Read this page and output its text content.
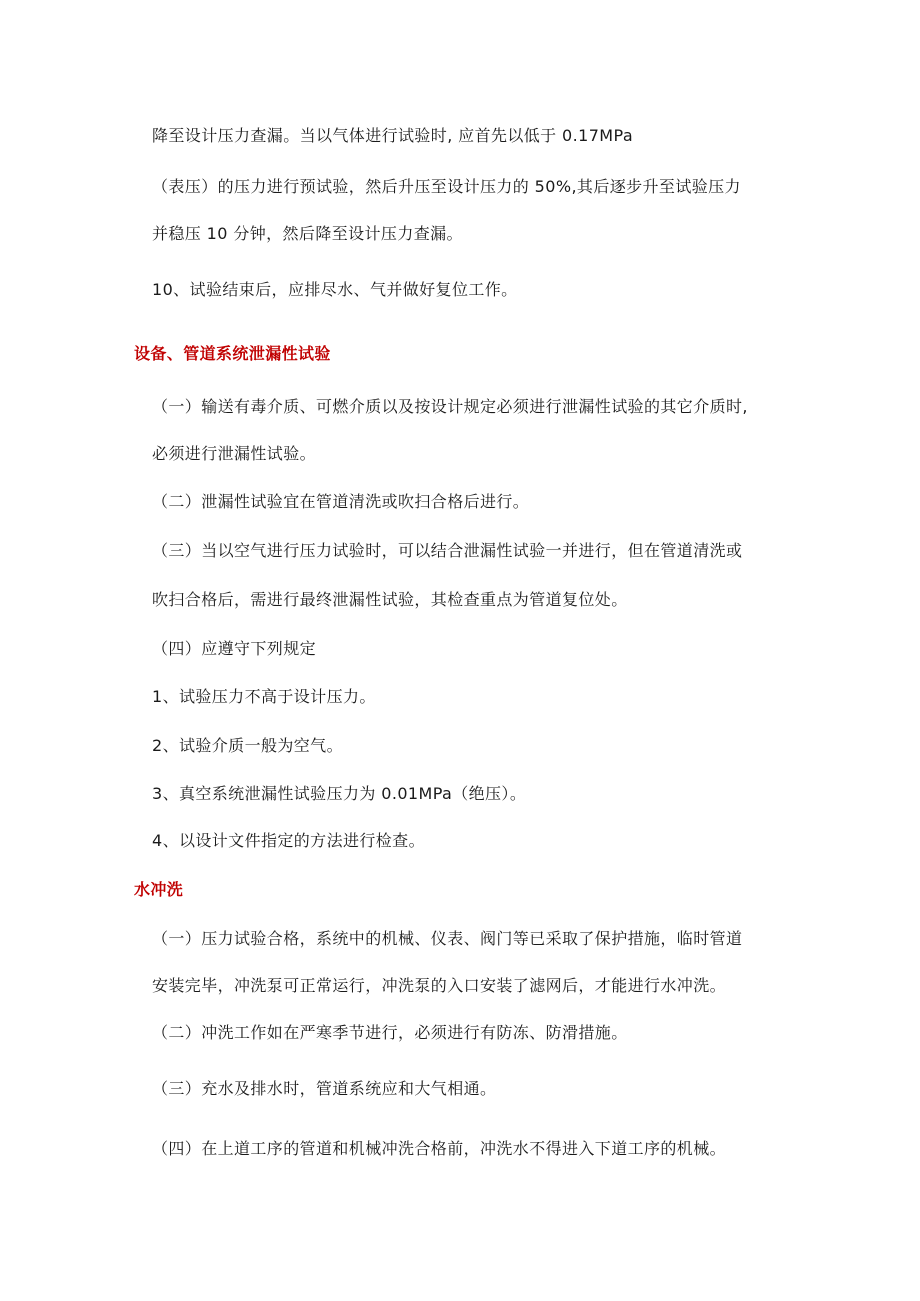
降至设计压力查漏。当以气体进行试验时, 应首先以低于 0.17MPa
（表压）的压力进行预试验，然后升压至设计压力的 50%,其后逐步升至试验压力
并稳压 10 分钟，然后降至设计压力查漏。
10、试验结束后，应排尽水、气并做好复位工作。
设备、管道系统泄漏性试验
（一）输送有毒介质、可燃介质以及按设计规定必须进行泄漏性试验的其它介质时,
必须进行泄漏性试验。
（二）泄漏性试验宜在管道清洗或吹扫合格后进行。
（三）当以空气进行压力试验时，可以结合泄漏性试验一并进行，但在管道清洗或
吹扫合格后，需进行最终泄漏性试验，其检查重点为管道复位处。
（四）应遵守下列规定
1、试验压力不高于设计压力。
2、试验介质一般为空气。
3、真空系统泄漏性试验压力为 0.01MPa（绝压）。
4、以设计文件指定的方法进行检查。
水冲洗
（一）压力试验合格，系统中的机械、仪表、阀门等已采取了保护措施，临时管道
安装完毕，冲洗泵可正常运行，冲洗泵的入口安装了滤网后，才能进行水冲洗。
（二）冲洗工作如在严寒季节进行，必须进行有防冻、防滑措施。
（三）充水及排水时，管道系统应和大气相通。
（四）在上道工序的管道和机械冲洗合格前，冲洗水不得进入下道工序的机械。
